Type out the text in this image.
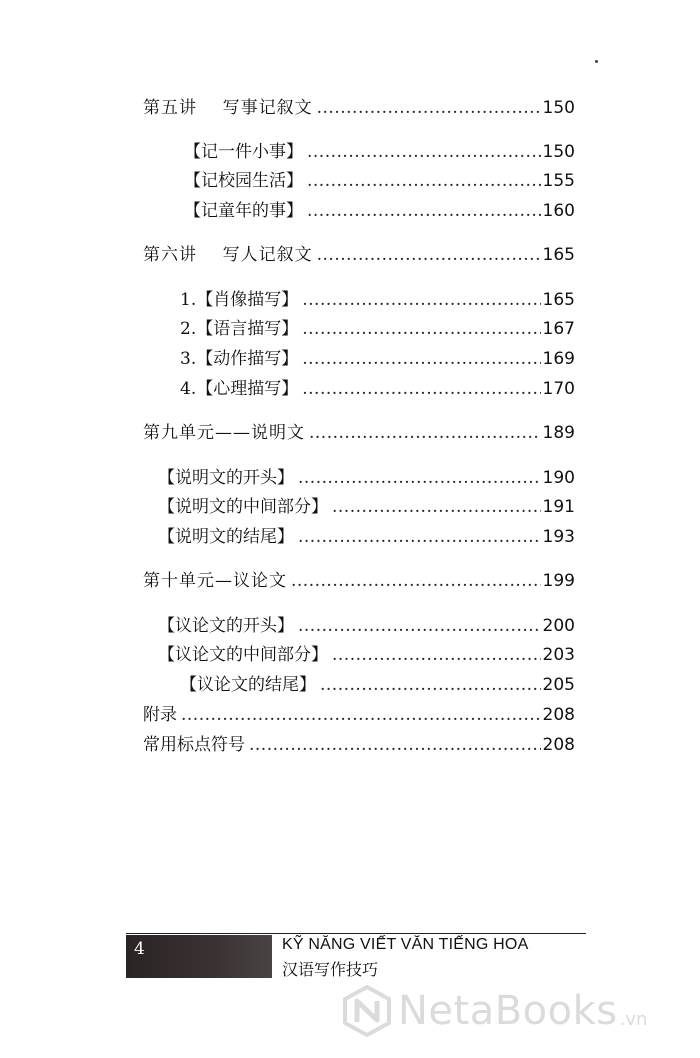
第五讲    写事记叙文 .....	150
【记一件小事】 .....	150
【记校园生活】 .....	155
【记童年的事】 .....	160
第六讲    写人记叙文 .....	165
1.【肖像描写】 .....	165
2.【语言描写】 .....	167
3.【动作描写】 .....	169
4.【心理描写】 .....	170
第九单元——说明文 .....	189
【说明文的开头】 .....	190
【说明文的中间部分】 .....	191
【说明文的结尾】 .....	193
第十单元—议论文 .....	199
【议论文的开头】 .....	200
【议论文的中间部分】 .....	203
【议论文的结尾】 .....	205
附录 .....	208
常用标点符号 .....	208
4	KỸ NĂNG VIẾT VĂN TIẾNG HOA
汉语写作技巧
NetaBooks .vn
